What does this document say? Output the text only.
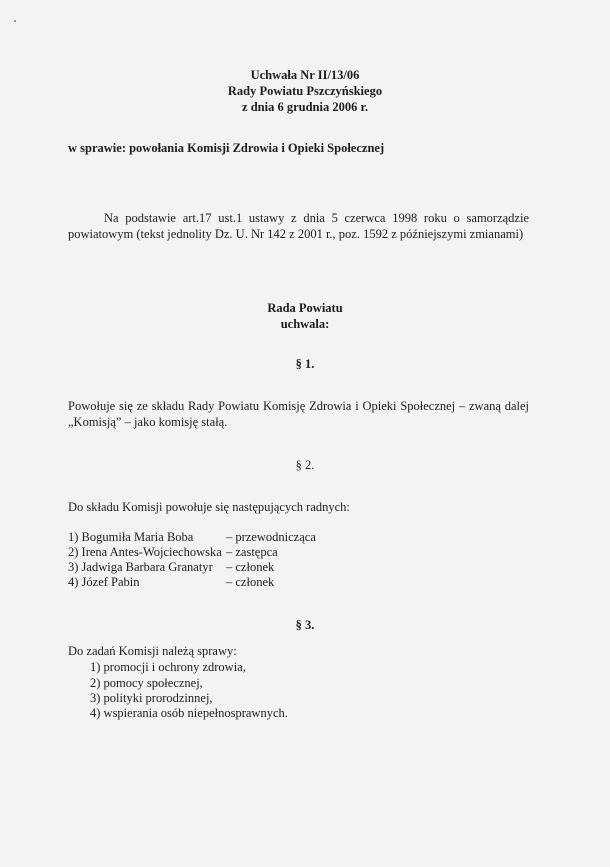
Uchwała Nr II/13/06
Rady Powiatu Pszczyńskiego
z dnia 6 grudnia 2006 r.
w sprawie: powołania Komisji Zdrowia i Opieki Społecznej
Na podstawie art.17 ust.1 ustawy z dnia 5 czerwca 1998 roku o samorządzie
powiatowym (tekst jednolity Dz. U. Nr 142 z 2001 r., poz. 1592 z późniejszymi zmianami)
Rada Powiatu
uchwala:
§ 1.
Powołuje się ze składu Rady Powiatu Komisję Zdrowia i Opieki Społecznej – zwaną dalej
„Komisją” – jako komisję stałą.
§ 2.
Do składu Komisji powołuje się następujących radnych:
1) Bogumiła Maria Boba	– przewodnicząca
2) Irena Antes-Wojciechowska – zastępca
3) Jadwiga Barbara Granatyr – członek
4) Józef Pabin	– członek
§ 3.
Do zadań Komisji należą sprawy:
1) promocji i ochrony zdrowia,
2) pomocy społecznej,
3) polityki prorodzinnej,
4) wspierania osób niepełnosprawnych.
